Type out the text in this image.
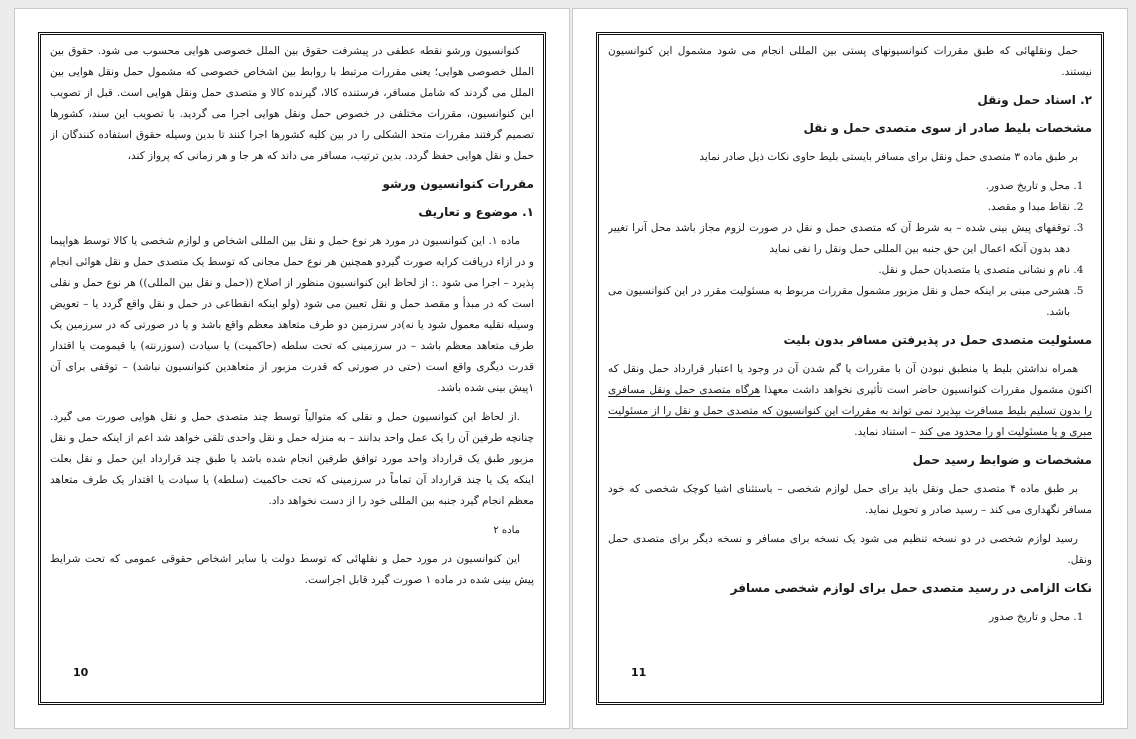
کنوانسیون ورشو نقطه عطفی در پیشرفت حقوق بین الملل خصوصی هوایی محسوب می شود. حقوق بین الملل خصوصی هوایی؛ یعنی مقررات مرتبط با روابط بین اشخاص خصوصی که مشمول حمل ونقل هوایی بین الملل می گردند که شامل مسافر، فرستنده کالا، گیرنده کالا و متصدی حمل ونقل هوایی است. قبل از تصویب این کنوانسیون، مقررات مختلفی در خصوص حمل ونقل هوایی اجرا می گردید. با تصویب این سند، کشورها تصمیم گرفتند مقررات متحد الشکلی را در بین کلیه کشورها اجرا کنند تا بدین وسیله حقوق استفاده کنندگان از حمل و نقل هوایی حفظ گردد. بدین ترتیب، مسافر می داند که هر جا و هر زمانی که پرواز کند،

مقررات کنوانسیون ورشو
۱. موضوع و تعاریف

ماده ۱. این کنوانسیون در مورد هر نوع حمل و نقل بین المللی اشخاص و لوازم شخصی یا کالا توسط هواپیما و در ازاء دریافت کرایه صورت گیردو همچنین هر نوع حمل مجانی که توسط یک متصدی حمل و نقل هوائی انجام پذیرد – اجرا می شود .: از لحاظ این کنوانسیون منظور از اصلاح ((حمل و نقل بین المللی)) هر نوع حمل و نقلی است که در مبدأ و مقصد حمل و نقل تعیین می شود (ولو اینکه انقطاعی در حمل و نقل واقع گردد یا – تعویض وسیله نقلیه معمول شود یا نه)در سرزمین دو طرف متعاهد معظم واقع باشد و یا در صورتی که در سرزمین یک طرف متعاهد معظم باشد – در سرزمینی که تحت سلطه (حاکمیت) یا سیادت (سوزرنته) یا قیمومت یا اقتدار قدرت دیگری واقع است (حتی در صورتی که قدرت مزبور از متعاهدین کنوانسیون نباشد) – توقفی برای آن ۱پیش بینی شده باشد.

.از لحاظ این کنوانسیون حمل و نقلی که متوالیاً توسط چند متصدی حمل و نقل هوایی صورت می گیرد. چنانچه طرفین آن را یک عمل واحد بدانند – به منزله حمل و نقل واحدی تلقی خواهد شد اعم از اینکه حمل و نقل مزبور طبق یک قرارداد واحد مورد توافق طرفین انجام شده باشد یا طبق چند قرارداد این حمل و نقل بعلت اینکه یک یا چند قرارداد آن تماماً در سرزمینی که تحت حاکمیت (سلطه) یا سیادت یا اقتدار یک طرف متعاهد معظم انجام گیرد جنبه بین المللی خود را از دست نخواهد داد.

ماده ۲

این کنوانسیون در مورد حمل و نقلهائی که توسط دولت یا سایر اشخاص حقوقی عمومی که تحت شرایط پیش بینی شده در ماده ۱ صورت گیرد قابل اجراست.

10

حمل ونقلهائی که طبق مقررات کنوانسیونهای پستی بین المللی انجام می شود مشمول این کنوانسیون نیستند.

۲. اسناد حمل ونقل
مشخصات بلیط صادر از سوی متصدی حمل و نقل

بر طبق ماده ۳ متصدی حمل ونقل برای مسافر بایستی بلیط حاوی نکات ذیل صادر نماید

1. محل و تاریخ صدور.
2. نقاط مبدا و مقصد.
3. توقفهای پیش بینی شده – به شرط آن که متصدی حمل و نقل در صورت لزوم مجاز باشد محل آنرا تغییر دهد بدون آنکه اعمال این حق جنبه بین المللی حمل ونقل را نفی نماید
4. نام و نشانی متصدی یا متصدیان حمل و نقل.
5. هشرحی مبنی بر اینکه حمل و نقل مزبور مشمول مقررات مربوط به مسئولیت مقرر در این کنوانسیون می باشد.
مسئولیت متصدی حمل در پذیرفتن مسافر بدون بلیت

همراه نداشتن بلیط یا منطبق نبودن آن با مقررات یا گم شدن آن در وجود یا اعتبار قرارداد حمل ونقل که اکنون مشمول مقررات کنوانسیون حاضر است تأثیری نخواهد داشت معهذا هرگاه متصدی حمل ونقل مسافری را بدون تسلیم بلیط مسافرت بپذیرد نمی تواند به مقررات این کنوانسیون که متصدی حمل و نقل را از مسئولیت مبری و یا مسئولیت او را محدود می کند – استناد نماید.

مشخصات و ضوابط رسید حمل

بر طبق ماده ۴ متصدی حمل ونقل باید برای حمل لوازم شخصی – باستثنای اشیا کوچک شخصی که خود مسافر نگهداری می کند – رسید صادر و تحویل نماید.

رسید لوازم شخصی در دو نسخه تنظیم می شود یک نسخه برای مسافر و نسخه دیگر برای متصدی حمل ونقل.

نکات الزامی در رسید متصدی حمل برای لوازم شخصی مسافر
1. محل و تاریخ صدور
11
